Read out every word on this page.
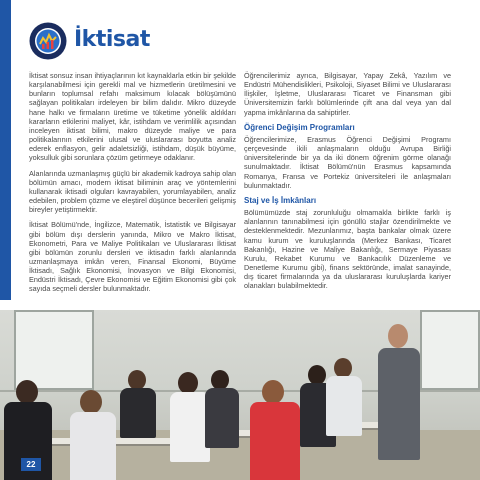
İktisat

İktisat sonsuz insan ihtiyaçlarının kıt kaynaklarla etkin bir şekilde karşılanabilmesi için gerekli mal ve hizmetlerin üretilmesini ve bunların toplumsal refahı maksimum kılacak bölüşümünü sağlayan politikaları irdeleyen bir bilim dalıdır. Mikro düzeyde hane halkı ve firmaların üretime ve tüketime yönelik aldıkları kararların etkilerini maliyet, kâr, istihdam ve verimlilik açısından inceleyen iktisat bilimi, makro düzeyde maliye ve para politikalarının etkilerini ulusal ve uluslararası boyutta analiz ederek enflasyon, gelir adaletsizliği, istihdam, düşük büyüme, yoksulluk gibi sorunlara çözüm getirmeye odaklanır.

Alanlarında uzmanlaşmış güçlü bir akademik kadroya sahip olan bölümün amacı, modern iktisat biliminin araç ve yöntemlerini kullanarak iktisadi olguları kavrayabilen, yorumlayabilen, analiz edebilen, problem çözme ve eleştirel düşünce becerileri gelişmiş bireyler yetiştirmektir.

İktisat Bölümü'nde, İngilizce, Matematik, İstatistik ve Bilgisayar gibi bölüm dışı derslerin yanında, Mikro ve Makro İktisat, Ekonometri, Para ve Maliye Politikaları ve Uluslararası İktisat gibi bölümün zorunlu dersleri ve iktisadın farklı alanlarında uzmanlaşmaya imkân veren, Finansal Ekonomi, Büyüme İktisadı, Sağlık Ekonomisi, İnovasyon ve Bilgi Ekonomisi, Endüstri İktisadı, Çevre Ekonomisi ve Eğitim Ekonomisi gibi çok sayıda seçmeli dersler bulunmaktadır.

Öğrencilerimiz ayrıca, Bilgisayar, Yapay Zekâ, Yazılım ve Endüstri Mühendislikleri, Psikoloji, Siyaset Bilimi ve Uluslararası İlişkiler, İşletme, Uluslararası Ticaret ve Finansman gibi Üniversitemizin farklı bölümlerinde çift ana dal veya yan dal yapma imkânlarına da sahiptirler.

Öğrenci Değişim Programları

Öğrencilerimize, Erasmus Öğrenci Değişimi Programı çerçevesinde ikili anlaşmaların olduğu Avrupa Birliği üniversitelerinde bir ya da iki dönem öğrenim görme olanağı sunulmaktadır. İktisat Bölümü'nün Erasmus kapsamında Romanya, Fransa ve Portekiz üniversiteleri ile anlaşmaları bulunmaktadır.

Staj ve İş İmkânları

Bölümümüzde staj zorunluluğu olmamakla birlikte farklı iş alanlarının tanınabilmesi için gönüllü stajlar özendirilmekte ve desteklenmektedir. Mezunlarımız, başta bankalar olmak üzere kamu kurum ve kuruluşlarında (Merkez Bankası, Ticaret Bakanlığı, Hazine ve Maliye Bakanlığı, Sermaye Piyasası Kurulu, Rekabet Kurumu ve Bankacılık Düzenleme ve Denetleme Kurumu gibi), finans sektöründe, imalat sanayinde, dış ticaret firmalarında ya da uluslararası kuruluşlarda kariyer olanakları bulabilmektedir.

22
